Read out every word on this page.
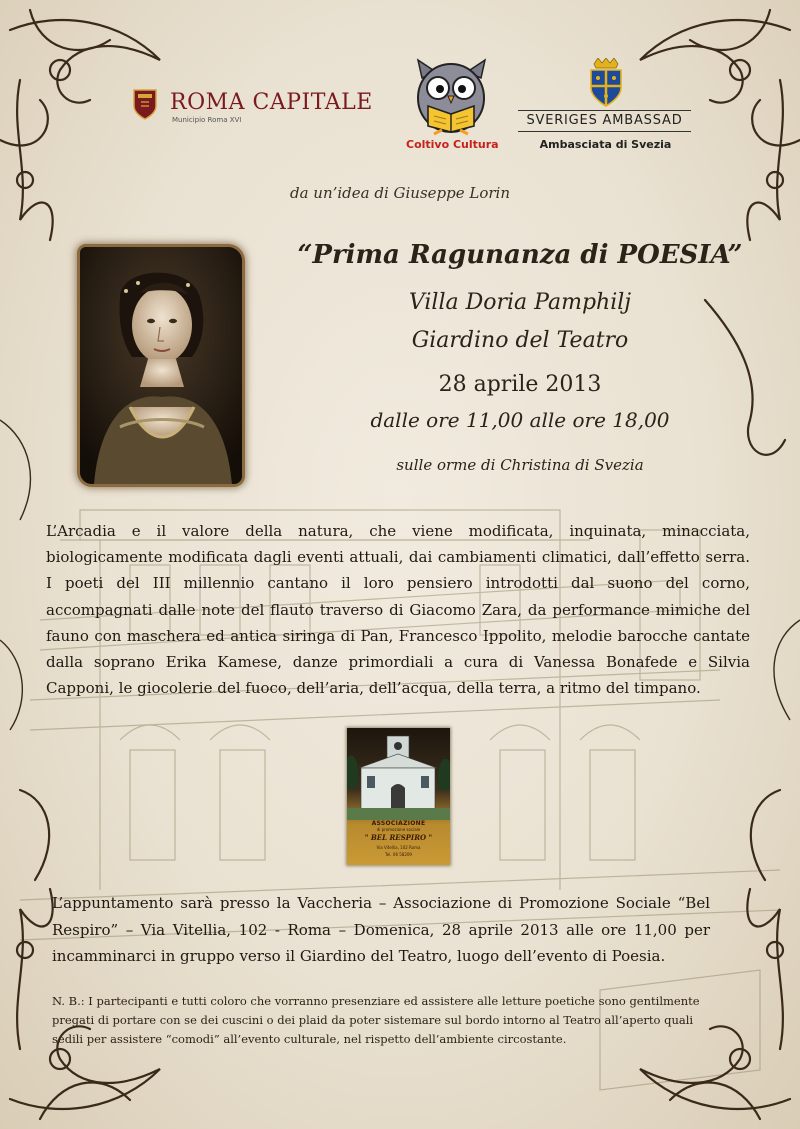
ROMA CAPITALE
Municipio Roma XVI
Coltivo Cultura
SVERIGES AMBASSAD
Ambasciata di Svezia
da un’idea di Giuseppe Lorin
“Prima Ragunanza di POESIA”
Villa Doria Pamphilj
Giardino del Teatro
28 aprile 2013
dalle ore 11,00 alle ore 18,00
sulle orme di Christina di Svezia
L’Arcadia e il valore della natura, che viene modificata, inquinata, minacciata, biologicamente modificata dagli eventi attuali, dai cambiamenti climatici, dall’effetto serra. I poeti del III millennio cantano il loro pensiero introdotti dal suono del corno, accompagnati dalle note del flauto traverso di Giacomo Zara, da performance mimiche del fauno con maschera ed antica siringa di Pan, Francesco Ippolito, melodie barocche cantate dalla soprano Erika Kamese, danze primordiali a cura di Vanessa Bonafede e Silvia Capponi, le giocolerie del fuoco, dell’aria, dell’acqua, della terra, a ritmo del timpano.
ASSOCIAZIONE
di promozione sociale
" BEL RESPIRO "
Via Vitellia, 102 Roma
Tel. 06 58209
L’appuntamento sarà presso la Vaccheria – Associazione di Promozione Sociale “Bel Respiro” – Via Vitellia, 102 - Roma – Domenica, 28 aprile 2013 alle ore 11,00 per incamminarci in gruppo verso il Giardino del Teatro, luogo dell’evento di Poesia.
N. B.: I partecipanti e tutti coloro che vorranno presenziare ed assistere alle letture poetiche sono gentilmente pregati di portare con se dei cuscini o dei plaid da poter sistemare sul bordo intorno al Teatro all’aperto quali sedili per assistere “comodi” all’evento culturale, nel rispetto dell’ambiente circostante.
